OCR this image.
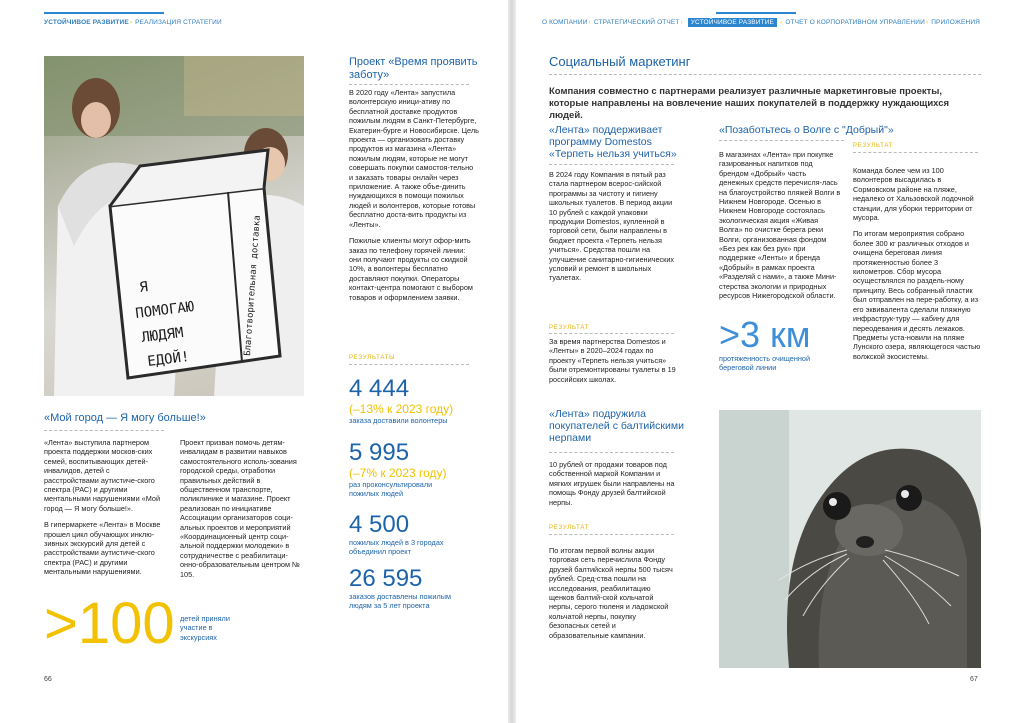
УСТОЙЧИВОЕ РАЗВИТИЕ› РЕАЛИЗАЦИЯ СТРАТЕГИИ	О КОМПАНИИ‹ СТРАТЕГИЧЕСКИЙ ОТЧЕТ‹ УСТОЙЧИВОЕ РАЗВИТИЕ ‹ ОТЧЕТ О КОРПОРАТИВНОМ УПРАВЛЕНИИ‹ ПРИЛОЖЕНИЯ
Я
ПОМОГАЮ
ЛЮДЯМ
ЕДОЙ!
Благотворительная доставка
«Мой город — Я могу больше!»

«Лента» выступила партнером проекта поддержки москов-ских семей, воспитывающих детей-инвалидов, детей с расстройствами аутистиче-ского спектра (РАС) и другими ментальными нарушениями «Мой город — Я могу больше!».

В гипермаркете «Лента» в Москве прошел цикл обучающих инклю-зивных экскурсий для детей с расстройствами аутистиче-ского спектра (РАС) и другими ментальными нарушениями.

Проект призван помочь детям-инвалидам в развитии навыков самостоятельного исполь-зования городской среды, отработки правильных действий в общественном транспорте, поликлинике и магазине. Проект реализован по инициативе Ассоциации организаторов соци-альных проектов и мероприятий «Координационный центр соци-альной поддержки молодежи» в сотрудничестве с реабилитаци-онно-образовательным центром № 105.

>100 детей приняли участие в экскурсиях
Проект «Время проявить заботу»

В 2020 году «Лента» запустила волонтерскую иници-ативу по бесплатной доставке продуктов пожилым людям в Санкт-Петербурге, Екатерин-бурге и Новосибирске. Цель проекта — организовать доставку продуктов из магазина «Лента» пожилым людям, которые не могут совершать покупки самостоя-тельно и заказать товары онлайн через приложение. А также объе-динить нуждающихся в помощи пожилых людей и волонтеров, которые готовы бесплатно доста-вить продукты из «Ленты».

Пожилые клиенты могут офор-мить заказ по телефону горячей линии: они получают продукты со скидкой 10%, а волонтеры бесплатно доставляют покупки. Операторы контакт-центра помогают с выбором товаров и оформлением заявки.

РЕЗУЛЬТАТЫ
4 444
(–13% к 2023 году)
заказа доставили волонтеры
5 995
(–7% к 2023 году)
раз проконсультировали пожилых людей
4 500
пожилых людей в 3 городах объединил проект
26 595
заказов доставлены пожилым людям за 5 лет проекта
66
Социальный маркетинг
Компания совместно с партнерами реализует различные маркетинговые проекты, которые направлены на вовлечение наших покупателей в поддержку нуждающихся людей.
«Лента» поддерживает программу Domestos «Терпеть нельзя учиться»
В 2024 году Компания в пятый раз стала партнером всерос-сийской программы за чистоту и гигиену школьных туалетов. В период акции 10 рублей с каждой упаковки продукции Domestos, купленной в торговой сети, были направлены в бюджет проекта «Терпеть нельзя учиться». Средства пошли на улучшение санитарно-гигиенических условий и ремонт в школьных туалетах.
РЕЗУЛЬТАТ
За время партнерства Domestos и «Ленты» в 2020–2024 годах по проекту «Терпеть нельзя учиться» были отремонтированы туалеты в 19 российских школах.
«Позаботьтесь о Волге с "Добрый"»
В магазинах «Лента» при покупке газированных напитков под брендом «Добрый» часть денежных средств перечисля-лась на благоустройство пляжей Волги в Нижнем Новгороде. Осенью в Нижнем Новгороде состоялась экологическая акция «Живая Волга» по очистке берега реки Волги, организованная фондом «Без рек как без рук» при поддержке «Ленты» и бренда «Добрый» в рамках проекта «Разделяй с нами», а также Мини-стерства экологии и природных ресурсов Нижегородской области.
>3 км
протяженность очищенной береговой линии
РЕЗУЛЬТАТ

Команда более чем из 100 волонтеров высадилась в Сормовском районе на пляже, недалеко от Хальзовской лодочной станции, для уборки территории от мусора.

По итогам мероприятия собрано более 300 кг различных отходов и очищена береговая линия протяженностью более 3 километров. Сбор мусора осуществлялся по раздель-ному принципу. Весь собранный пластик был отправлен на пере-работку, а из его эквивалента сделали пляжную инфраструк-туру — кабину для переодевания и десять лежаков. Предметы уста-новили на пляже Лунского озера, являющегося частью волжской экосистемы.

«Лента» подружила покупателей с балтийскими нерпами
10 рублей от продажи товаров под собственной маркой Компании и мягких игрушек были направлены на помощь Фонду друзей балтийской нерпы.
РЕЗУЛЬТАТ
По итогам первой волны акции торговая сеть перечислила Фонду друзей балтийской нерпы 500 тысяч рублей. Сред-ства пошли на исследования, реабилитацию щенков балтий-ской кольчатой нерпы, серого тюленя и ладожской кольчатой нерпы, покупку безопасных сетей и образовательные кампании.
67
